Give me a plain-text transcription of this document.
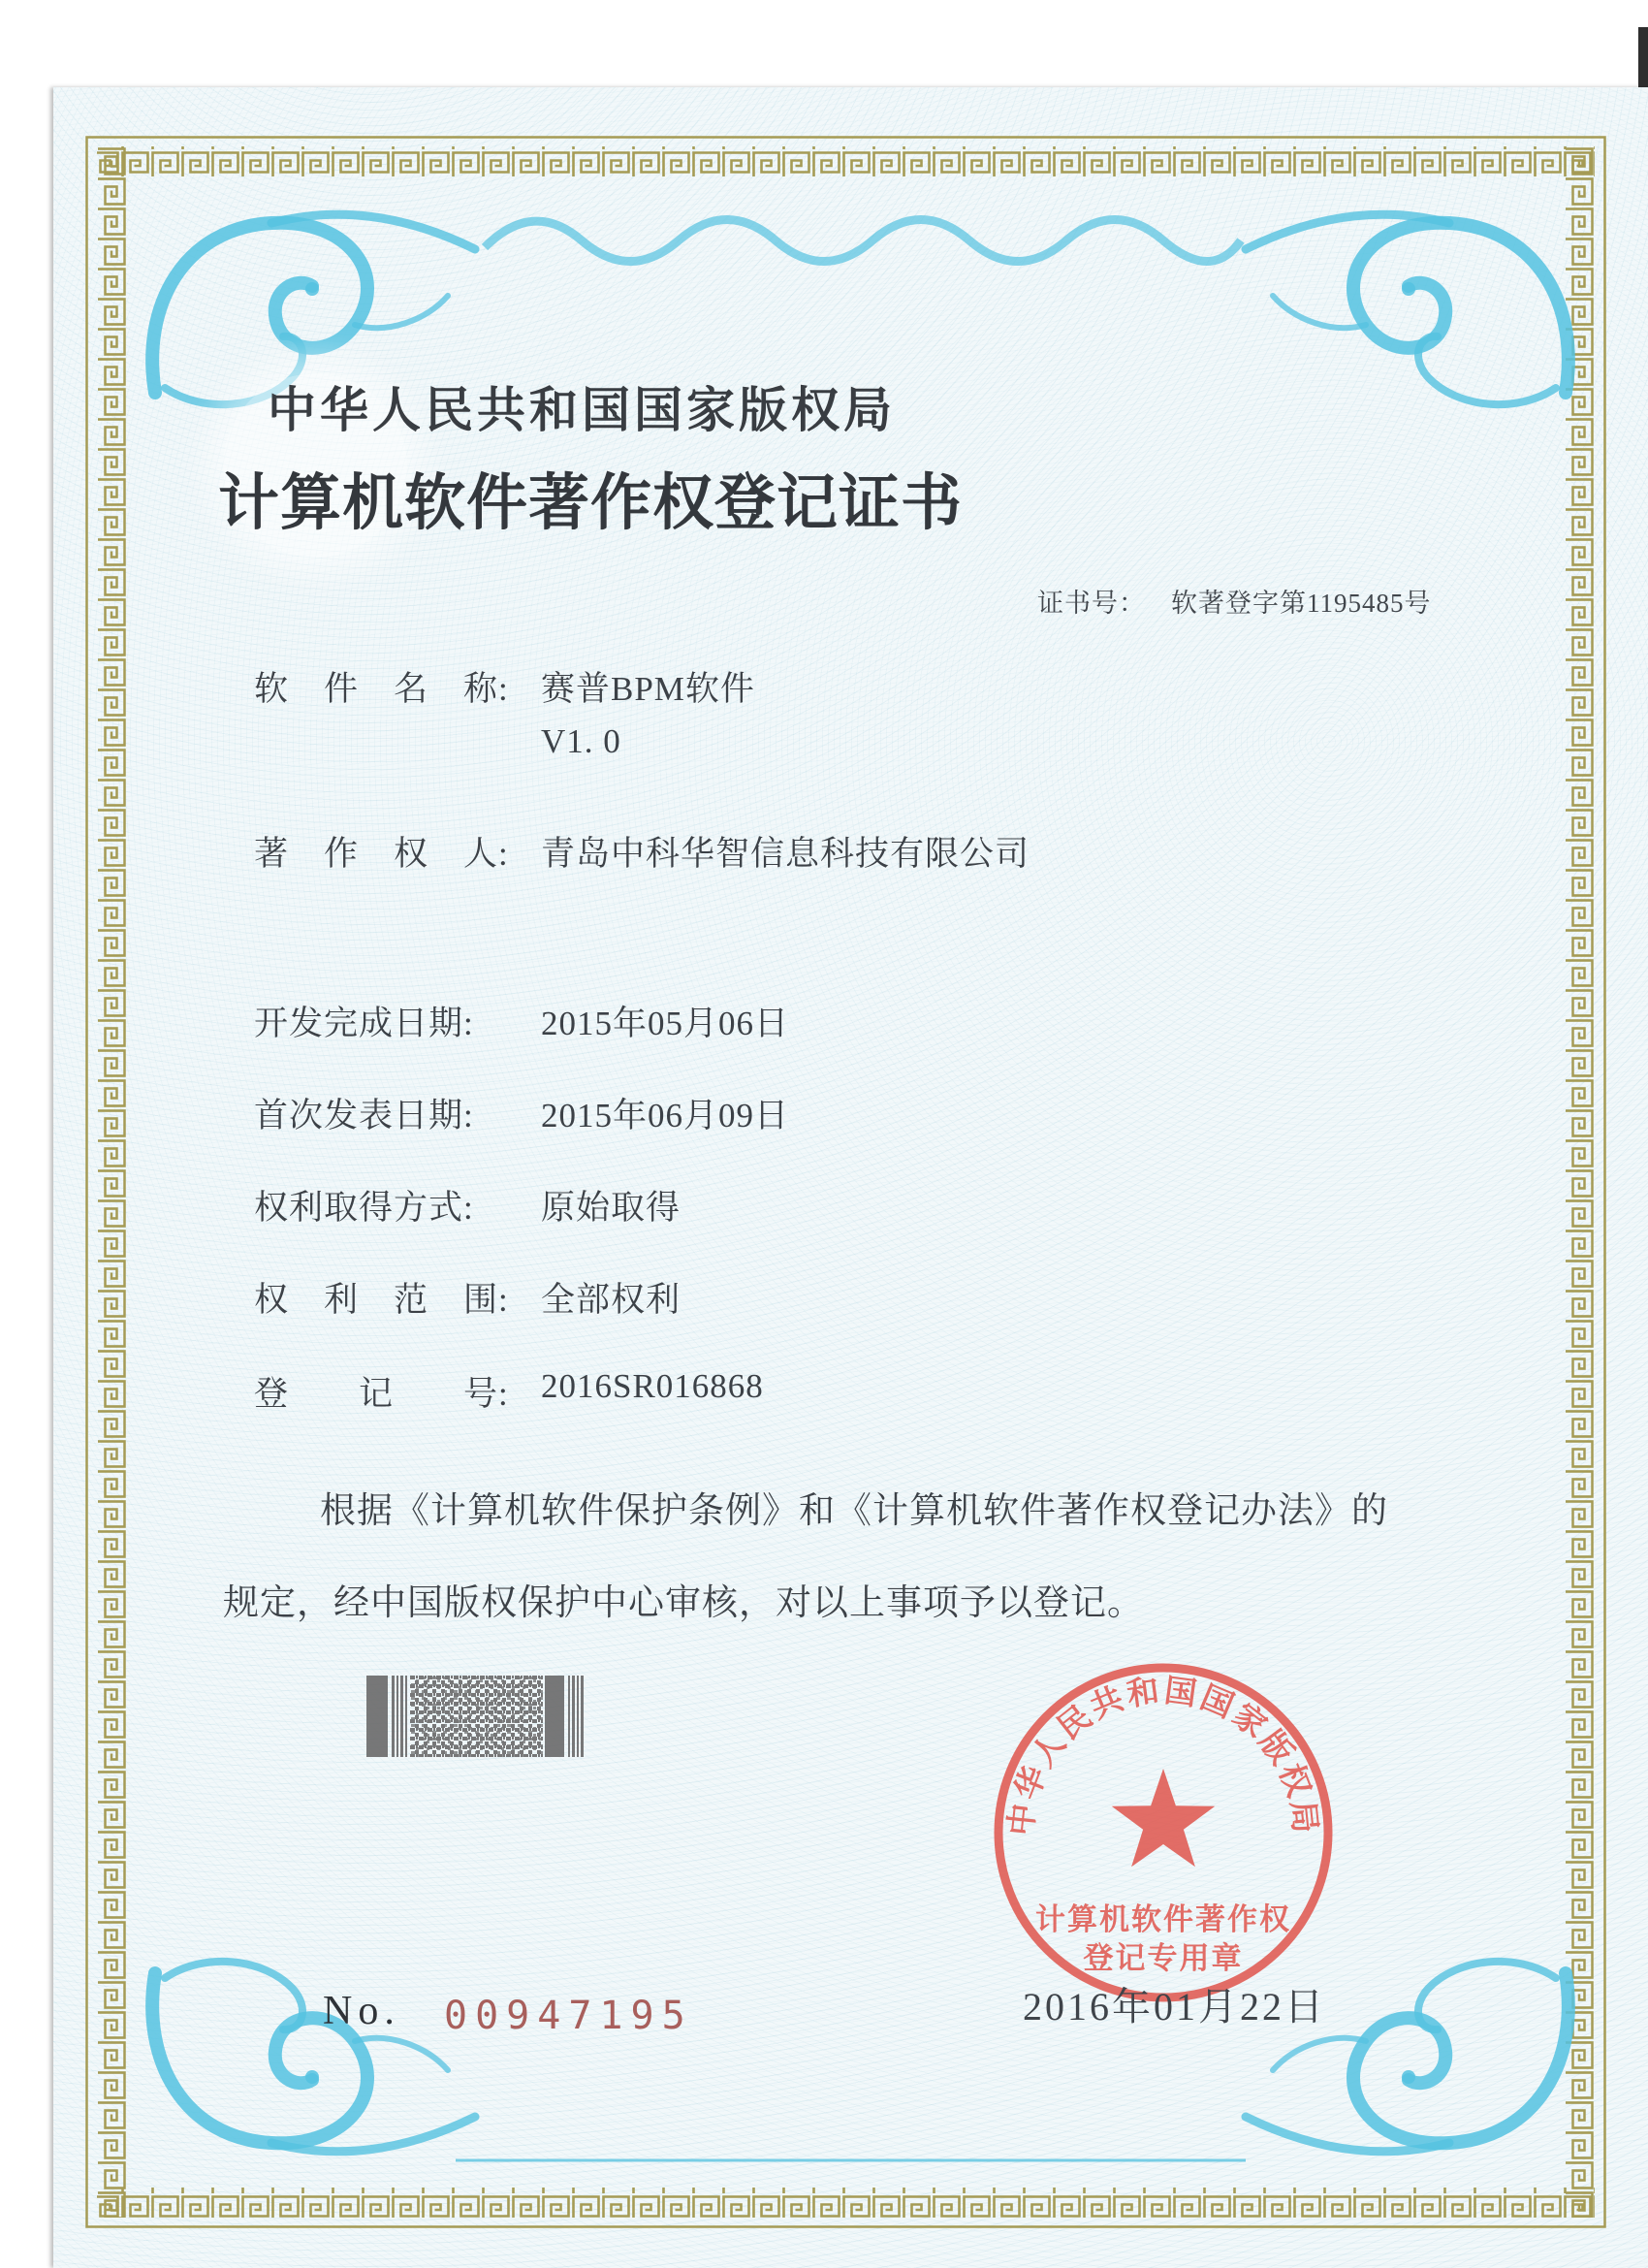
中华人民共和国国家版权局
计算机软件著作权登记证书
证书号： 软著登字第1195485号
软　件　名　称: 赛普BPM软件
V1. 0
著　作　权　人: 青岛中科华智信息科技有限公司
开发完成日期: 2015年05月06日
首次发表日期: 2015年06月09日
权利取得方式: 原始取得
权　利　范　围: 全部权利
登　　记　　号: 2016SR016868
根据《计算机软件保护条例》和《计算机软件著作权登记办法》的
规定，经中国版权保护中心审核，对以上事项予以登记。
中华人民共和国国家版权局
计算机软件著作权
登记专用章
2016年01月22日
No. 00947195
